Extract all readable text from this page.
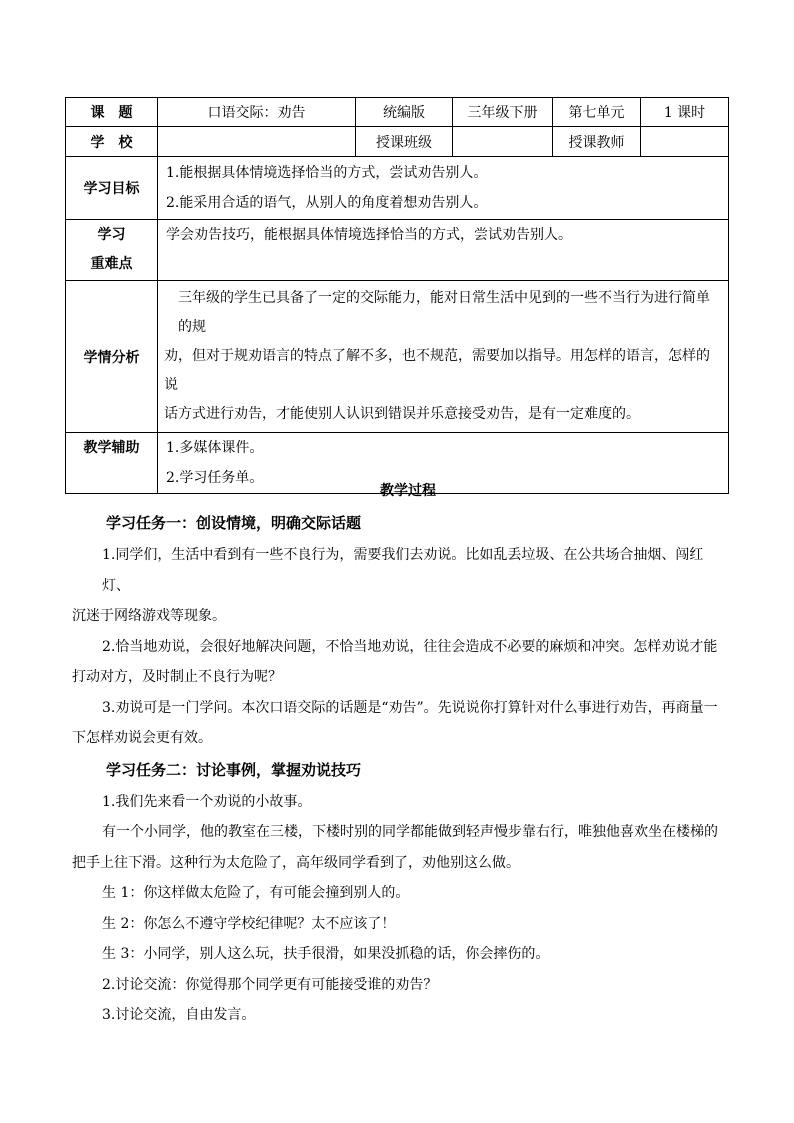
课　题	口语交际：劝告	统编版	三年级下册	第七单元	1 课时
学　校		授课班级		授课教师	
学习目标	1.能根据具体情境选择恰当的方式，尝试劝告别人。

2.能采用合适的语气，从别人的角度着想劝告别人。				

学习
重难点	学会劝告技巧，能根据具体情境选择恰当的方式，尝试劝告别人。				

学情分析	三年级的学生已具备了一定的交际能力，能对日常生活中见到的一些不当行为进行简单的规

劝，但对于规劝语言的特点了解不多，也不规范，需要加以指导。用怎样的语言，怎样的说

话方式进行劝告，才能使别人认识到错误并乐意接受劝告，是有一定难度的。				

教学辅助	1.多媒体课件。

2.学习任务单。				

教学过程

学习任务一：创设情境，明确交际话题

1.同学们，生活中看到有一些不良行为，需要我们去劝说。比如乱丢垃圾、在公共场合抽烟、闯红灯、

沉迷于网络游戏等现象。

2.恰当地劝说，会很好地解决问题，不恰当地劝说，往往会造成不必要的麻烦和冲突。怎样劝说才能

打动对方，及时制止不良行为呢？

3.劝说可是一门学问。本次口语交际的话题是“劝告”。先说说你打算针对什么事进行劝告，再商量一

下怎样劝说会更有效。

学习任务二：讨论事例，掌握劝说技巧

1.我们先来看一个劝说的小故事。

有一个小同学，他的教室在三楼，下楼时别的同学都能做到轻声慢步靠右行，唯独他喜欢坐在楼梯的

把手上往下滑。这种行为太危险了，高年级同学看到了，劝他别这么做。

生 1：你这样做太危险了，有可能会撞到别人的。

生 2：你怎么不遵守学校纪律呢？太不应该了！

生 3：小同学，别人这么玩，扶手很滑，如果没抓稳的话，你会摔伤的。

2.讨论交流：你觉得那个同学更有可能接受谁的劝告？

3.讨论交流，自由发言。
